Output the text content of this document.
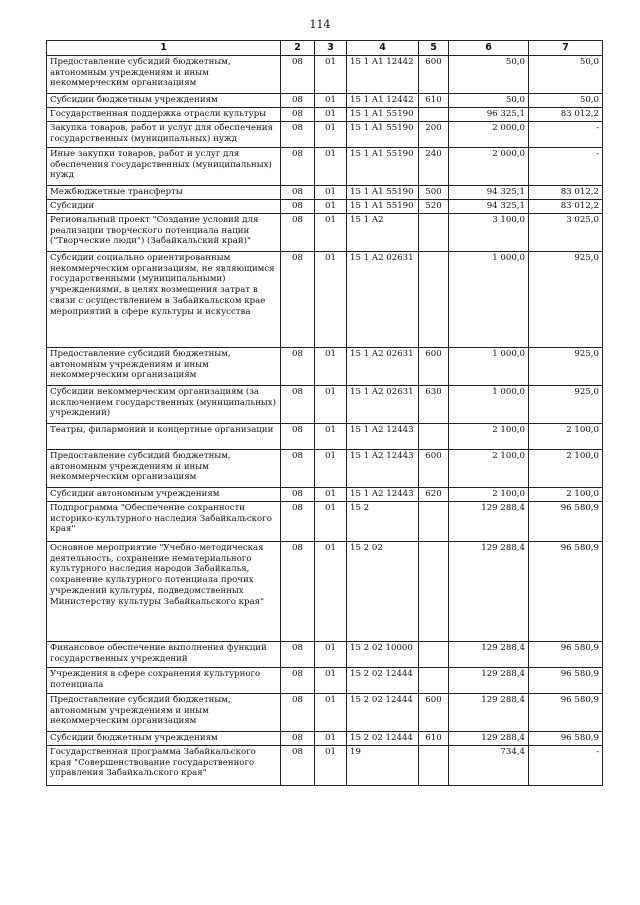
114
1	2	3	4	5	6	7
Предоставление субсидий бюджетным, автономным учреждениям и иным некоммерческим организациям	08	01	15 1 A1 12442	600	50,0	50,0
Субсидии бюджетным учреждениям	08	01	15 1 A1 12442	610	50,0	50,0
Государственная поддержка отрасли культуры	08	01	15 1 A1 55190		96 325,1	83 012,2
Закупка товаров, работ и услуг для обеспечения государственных (муниципальных) нужд	08	01	15 1 A1 55190	200	2 000,0	-
Иные закупки товаров, работ и услуг для обеспечения государственных (муниципальных) нужд	08	01	15 1 A1 55190	240	2 000,0	-
Межбюджетные трансферты	08	01	15 1 A1 55190	500	94 325,1	83 012,2
Субсидии	08	01	15 1 A1 55190	520	94 325,1	83 012,2
Региональный проект "Создание условий для реализации творческого потенциала нации ("Творческие люди") (Забайкальский край)"	08	01	15 1 A2		3 100,0	3 025,0
Субсидии социально ориентированным некоммерческим организациям, не являющимся государственными (муниципальными) учреждениями, в целях возмещения затрат в связи с осуществлением в Забайкальском крае мероприятий в сфере культуры и искусства	08	01	15 1 A2 02631		1 000,0	925,0
Предоставление субсидий бюджетным, автономным учреждениям и иным некоммерческим организациям	08	01	15 1 A2 02631	600	1 000,0	925,0
Субсидии некоммерческим организациям (за исключением государственных (муниципальных) учреждений)	08	01	15 1 A2 02631	630	1 000,0	925,0
Театры, филармонии и концертные организации	08	01	15 1 A2 12443		2 100,0	2 100,0
Предоставление субсидий бюджетным, автономным учреждениям и иным некоммерческим организациям	08	01	15 1 A2 12443	600	2 100,0	2 100,0
Субсидии автономным учреждениям	08	01	15 1 A2 12443	620	2 100,0	2 100,0
Подпрограмма "Обеспечение сохранности историко-культурного наследия Забайкальского края"	08	01	15 2		129 288,4	96 580,9
Основное мероприятие "Учебно-методическая деятельность, сохранение нематериального культурного наследия народов Забайкалья, сохранение культурного потенциала прочих учреждений культуры, подведомственных Министерству культуры Забайкальского края"	08	01	15 2 02		129 288,4	96 580,9
Финансовое обеспечение выполнения функций государственных учреждений	08	01	15 2 02 10000		129 288,4	96 580,9
Учреждения в сфере сохранения культурного потенциала	08	01	15 2 02 12444		129 288,4	96 580,9
Предоставление субсидий бюджетным, автономным учреждениям и иным некоммерческим организациям	08	01	15 2 02 12444	600	129 288,4	96 580,9
Субсидии бюджетным учреждениям	08	01	15 2 02 12444	610	129 288,4	96 580,9
Государственная программа Забайкальского края "Совершенствование государственного управления Забайкальского края"	08	01	19		734,4	-
